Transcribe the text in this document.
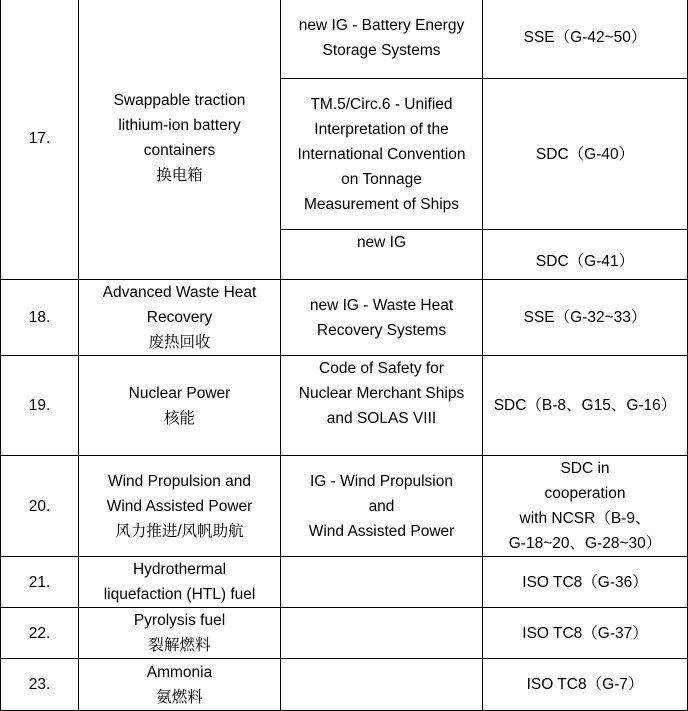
17.	Swappable traction
lithium-ion battery
containers
换电箱	new IG - Battery Energy
Storage Systems	SSE（G-42~50）

		TM.5/Circ.6 - Unified
Interpretation of the
International Convention
on Tonnage
Measurement of Ships	SDC（G-40）

		new IG	SDC（G-41）
18.	Advanced Waste Heat
Recovery
废热回收	new IG - Waste Heat
Recovery Systems	SSE（G-32~33）
19.	Nuclear Power
核能	Code of Safety for
Nuclear Merchant Ships
and SOLAS VIII	SDC（B-8、G15、G-16）
20.	Wind Propulsion and
Wind Assisted Power
风力推进/风帆助航	IG - Wind Propulsion
and
Wind Assisted Power	SDC in
cooperation
with NCSR（B-9、
G-18~20、G-28~30）

21.	Hydrothermal
liquefaction (HTL) fuel		ISO TC8（G-36）
22.	Pyrolysis fuel
裂解燃料		ISO TC8（G-37）
23.	Ammonia
氨燃料		ISO TC8（G-7）
